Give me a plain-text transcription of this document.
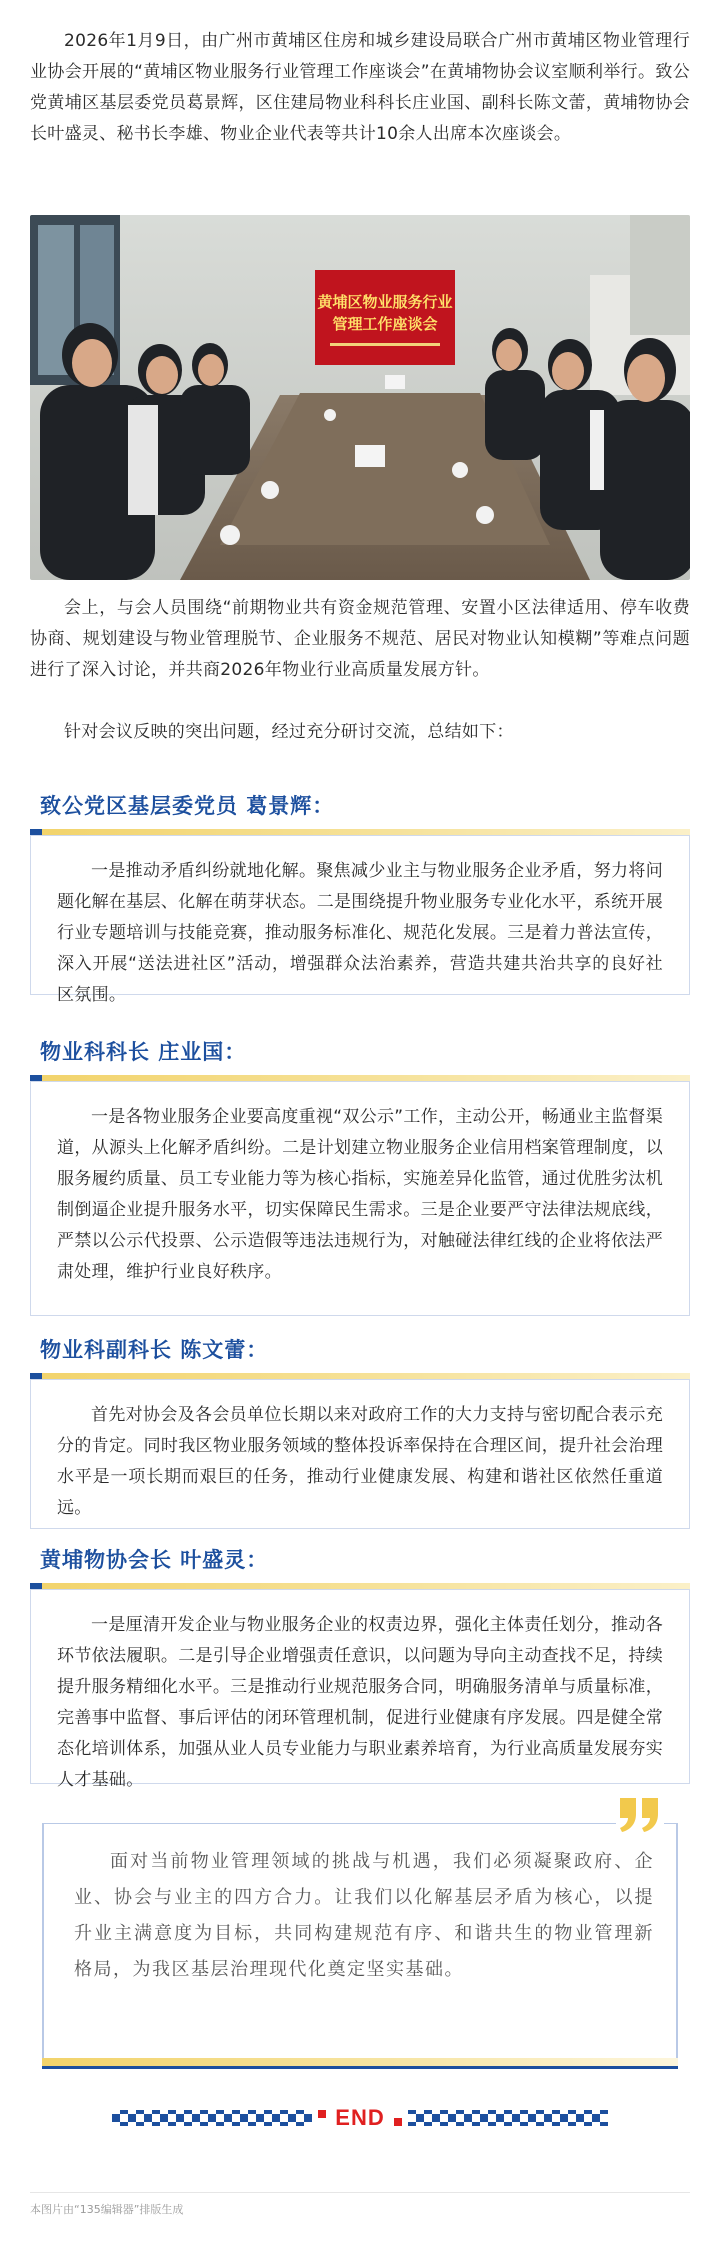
2026年1月9日，由广州市黄埔区住房和城乡建设局联合广州市黄埔区物业管理行业协会开展的“黄埔区物业服务行业管理工作座谈会”在黄埔物协会议室顺利举行。致公党黄埔区基层委党员葛景辉，区住建局物业科科长庄业国、副科长陈文蕾，黄埔物协会长叶盛灵、秘书长李雄、物业企业代表等共计10余人出席本次座谈会。

黄埔区物业服务行业
管理工作座谈会

会上，与会人员围绕“前期物业共有资金规范管理、安置小区法律适用、停车收费协商、规划建设与物业管理脱节、企业服务不规范、居民对物业认知模糊”等难点问题进行了深入讨论，并共商2026年物业行业高质量发展方针。

针对会议反映的突出问题，经过充分研讨交流，总结如下：

致公党区基层委党员 葛景辉：

一是推动矛盾纠纷就地化解。聚焦减少业主与物业服务企业矛盾，努力将问题化解在基层、化解在萌芽状态。二是围绕提升物业服务专业化水平，系统开展行业专题培训与技能竞赛，推动服务标准化、规范化发展。三是着力普法宣传，深入开展“送法进社区”活动，增强群众法治素养，营造共建共治共享的良好社区氛围。

物业科科长 庄业国：

一是各物业服务企业要高度重视“双公示”工作，主动公开，畅通业主监督渠道，从源头上化解矛盾纠纷。二是计划建立物业服务企业信用档案管理制度，以服务履约质量、员工专业能力等为核心指标，实施差异化监管，通过优胜劣汰机制倒逼企业提升服务水平，切实保障民生需求。三是企业要严守法律法规底线，严禁以公示代投票、公示造假等违法违规行为，对触碰法律红线的企业将依法严肃处理，维护行业良好秩序。

物业科副科长 陈文蕾：

首先对协会及各会员单位长期以来对政府工作的大力支持与密切配合表示充分的肯定。同时我区物业服务领域的整体投诉率保持在合理区间，提升社会治理水平是一项长期而艰巨的任务，推动行业健康发展、构建和谐社区依然任重道远。

黄埔物协会长 叶盛灵：

一是厘清开发企业与物业服务企业的权责边界，强化主体责任划分，推动各环节依法履职。二是引导企业增强责任意识，以问题为导向主动查找不足，持续提升服务精细化水平。三是推动行业规范服务合同，明确服务清单与质量标准，完善事中监督、事后评估的闭环管理机制，促进行业健康有序发展。四是健全常态化培训体系，加强从业人员专业能力与职业素养培育，为行业高质量发展夯实人才基础。

面对当前物业管理领域的挑战与机遇，我们必须凝聚政府、企业、协会与业主的四方合力。让我们以化解基层矛盾为核心，以提升业主满意度为目标，共同构建规范有序、和谐共生的物业管理新格局，为我区基层治理现代化奠定坚实基础。

END
本图片由“135编辑器”排版生成
